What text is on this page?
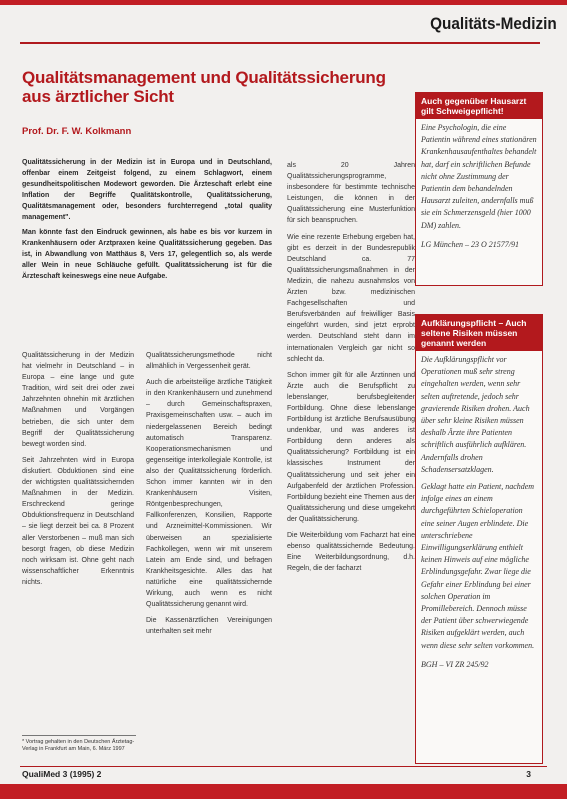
Qualitäts-Medizin
Qualitätsmanagement und Qualitätssicherung aus ärztlicher Sicht
Prof. Dr. F. W. Kolkmann

Qualitätssicherung in der Medizin ist in Europa und in Deutschland, offenbar einem Zeitgeist folgend, zu einem Schlagwort, einem gesundheitspolitischen Modewort geworden. Die Ärzteschaft erlebt eine Inflation der Begriffe Qualitätskontrolle, Qualitätssicherung, Qualitätsmanagement oder, besonders furchterregend „total quality management".

Man könnte fast den Eindruck gewinnen, als habe es bis vor kurzem in Krankenhäusern oder Arztpraxen keine Qualitätssicherung gegeben. Das ist, in Abwandlung von Matthäus 8, Vers 17, gelegentlich so, als werde aller Wein in neue Schläuche gefüllt. Qualitätssicherung ist für die Ärzteschaft keineswegs eine neue Aufgabe.

Qualitätssicherung in der Medizin hat vielmehr in Deutschland – in Europa – eine lange und gute Tradition, wird seit drei oder zwei Jahrzehnten ohnehin mit ärztlichen Maßnahmen und Vorgängen betrieben, die sich unter dem Begriff der Qualitätssicherung bewegt worden sind.

Seit Jahrzehnten wird in Europa diskutiert. Obduktionen sind eine der wichtigsten qualitätssichernden Maßnahmen in der Medizin. Erschreckend geringe Obduktionsfrequenz in Deutschland – sie liegt derzeit bei ca. 8 Prozent aller Verstorbenen – muß man sich besorgt fragen, ob diese Medizin noch wirksam ist. Ohne geht nach wissenschaftlicher Erkenntnis nichts.

Qualitätssicherungsmethode nicht allmählich in Vergessenheit gerät.

Auch die arbeitsteilige ärztliche Tätigkeit in den Krankenhäusern und zunehmend – durch Gemeinschaftspraxen, Praxisgemeinschaften usw. – auch im niedergelassenen Bereich bedingt automatisch Transparenz. Kooperationsmechanismen und gegenseitige interkollegiale Kontrolle, ist also der Qualitätssicherung förderlich. Schon immer kannten wir in den Krankenhäusern Visiten, Röntgenbesprechungen, Fallkonferenzen, Konsilien, Rapporte und Arzneimittel-Kommissionen. Wir überweisen an spezialisierte Fachkollegen, wenn wir mit unserem Latein am Ende sind, und befragen Krankheitsgesichte. Alles das hat natürliche eine qualitätssichernde Wirkung, auch wenn es nicht Qualitätssicherung genannt wird.

Die Kassenärztlichen Vereinigungen unterhalten seit mehr

als 20 Jahren Qualitätssicherungsprogramme, insbesondere für bestimmte technische Leistungen, die können in der Qualitätssicherung eine Musterfunktion für sich beanspruchen.

Wie eine rezente Erhebung ergeben hat, gibt es derzeit in der Bundesrepublik Deutschland ca. 77 Qualitätssicherungsmaßnahmen in der Medizin, die nahezu ausnahmslos von Ärzten bzw. medizinischen Fachgesellschaften und Berufsverbänden auf freiwilliger Basis eingeführt wurden, sind jetzt erprobt werden. Deutschland steht dann im internationalen Vergleich gar nicht so schlecht da.

Schon immer gilt für alle Ärztinnen und Ärzte auch die Berufspflicht zu lebenslanger, berufsbegleitender Fortbildung. Ohne diese lebenslange Fortbildung ist ärztliche Berufsausübung undenkbar, und was anderes ist Fortbildung denn anderes als Qualitätssicherung? Fortbildung ist ein klassisches Instrument der Qualitätssicherung und seit jeher ein Aufgabenfeld der ärztlichen Profession. Fortbildung bezieht eine Themen aus der Qualitätssicherung und diese umgekehrt der Qualitätssicherung.

Die Weiterbildung vom Facharzt hat eine ebenso qualitätssichernde Bedeutung. Eine Weiterbildungsordnung, d.h. Regeln, die der facharzt

* Vortrag gehalten in den Deutschen Ärztetag-Verlag in Frankfurt am Main, 6. März 1997
Auch gegenüber Hausarzt gilt Schweigepflicht!

Eine Psychologin, die eine Patientin während eines stationären Krankenhausaufenthaltes behandelt hat, darf ein schriftlichen Befunde nicht ohne Zustimmung der Patientin dem behandelnden Hausarzt zuleiten, andernfalls muß sie ein Schmerzensgeld (hier 1000 DM) zahlen.

LG München – 23 O 21577/91
Aufklärungspflicht – Auch seltene Risiken müssen genannt werden

Die Aufklärungspflicht vor Operationen muß sehr streng eingehalten werden, wenn sehr selten auftretende, jedoch sehr gravierende Risiken drohen. Auch über sehr kleine Risiken müssen deshalb Ärzte ihre Patienten schriftlich ausführlich aufklären. Andernfalls drohen Schadensersatzklagen.

Geklagt hatte ein Patient, nachdem infolge eines an einem durchgeführten Schieloperation eine seiner Augen erblindete. Die unterschriebene Einwilligungserklärung enthielt keinen Hinweis auf eine mögliche Erblindungsgefahr. Zwar liege die Gefahr einer Erblindung bei einer solchen Operation im Promillebereich. Dennoch müsse der Patient über schwerwiegende Risiken aufgeklärt werden, auch wenn diese sehr selten vorkommen.

BGH – VI ZR 245/92
QualiMed 3 (1995) 2	3
